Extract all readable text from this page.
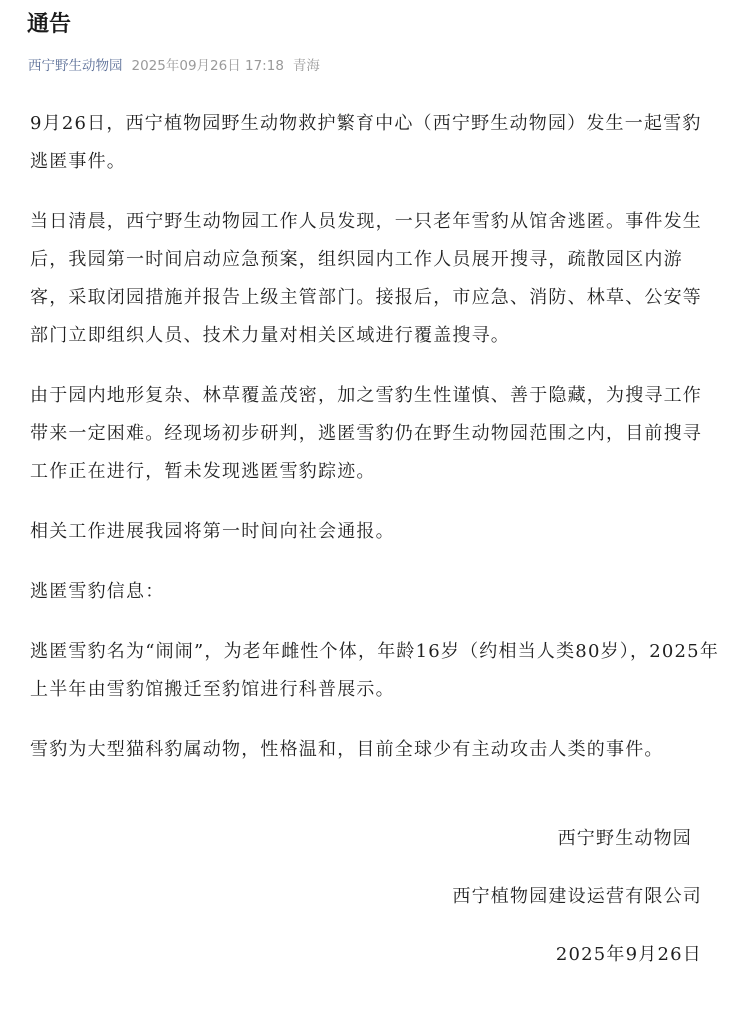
通告
西宁野生动物园 2025年09月26日 17:18 青海

9月26日，西宁植物园野生动物救护繁育中心（西宁野生动物园）发生一起雪豹逃匿事件。

当日清晨，西宁野生动物园工作人员发现，一只老年雪豹从馆舍逃匿。事件发生后，我园第一时间启动应急预案，组织园内工作人员展开搜寻，疏散园区内游客，采取闭园措施并报告上级主管部门。接报后，市应急、消防、林草、公安等部门立即组织人员、技术力量对相关区域进行覆盖搜寻。

由于园内地形复杂、林草覆盖茂密，加之雪豹生性谨慎、善于隐藏，为搜寻工作带来一定困难。经现场初步研判，逃匿雪豹仍在野生动物园范围之内，目前搜寻工作正在进行，暂未发现逃匿雪豹踪迹。

相关工作进展我园将第一时间向社会通报。

逃匿雪豹信息：

逃匿雪豹名为“闹闹”，为老年雌性个体，年龄16岁（约相当人类80岁），2025年上半年由雪豹馆搬迁至豹馆进行科普展示。

雪豹为大型猫科豹属动物，性格温和，目前全球少有主动攻击人类的事件。

西宁野生动物园
西宁植物园建设运营有限公司
2025年9月26日
